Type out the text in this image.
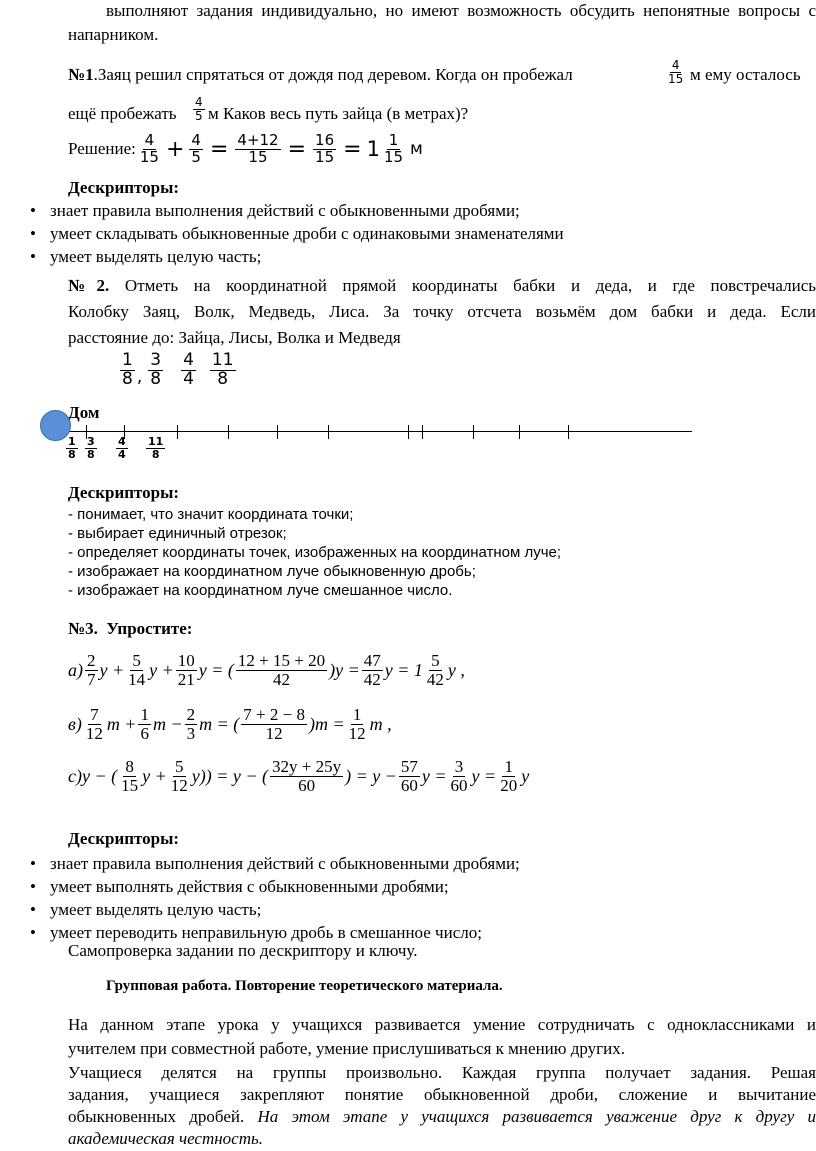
выполняют задания индивидуально, но имеют возможность обсудить непонятные вопросы с
напарником.
№1.Заяц решил спрятаться от дождя под деревом. Когда он пробежал	$\frac{4}{15}$ м ему осталось
ещё пробежать $\frac{4}{5}$ м Каков весь путь зайца (в метрах)?
Решение: 4
$15 + \frac{4}{5} = \frac{4+12}{15} = \frac{16}{15} = 1$ 1
15 м
Дескрипторы:
• знает правила выполнения действий с обыкновенными дробями;
• умеет складывать обыкновенные дроби с одинаковыми знаменателями
• умеет выделять целую часть;
№2. Отметь на координатной прямой координаты бабки и деда, и где повстречались
Колобку Заяц, Волк, Медведь, Лиса. За точку отсчета возьмём дом бабки и деда. Если
расстояние до: Зайца, Лисы, Волка и Медведя
1
8 ,
3
8
4
4
11
8
Дом
$\frac{1}{8} \frac{3}{8} \frac{4}{4} \frac{11}{8}$
Дескрипторы:
- понимает, что значит координата точки;
- выбирает единичный отрезок;
- определяет координаты точек, изображенных на координатном луче;
- изображает на координатном луче обыкновенную дробь;
- изображает на координатном луче смешанное число.
№3. Упростите:
a) 2
7 $y + \frac{5}{14}$ $y + \frac{10}{21}$ y = ( 12 + 15 + 20
42 )$y = \frac{47}{42}$ y = 1 5
42 y ,
в) 7
12 $m + \frac{1}{6}$ $m - \frac{2}{3}$ m = ( 7 + 2 − 8
12 )$m = \frac{1}{12}$ m ,
c) y − ( 8
15 $y + \frac{5}{12} y)) = y$ − ( 32y + 25y
60 ) = $y - \frac{57}{60}$ $y = \frac{3}{60}$ $y = \frac{1}{20}$ y
Дескрипторы:
• знает правила выполнения действий с обыкновенными дробями;
• умеет выполнять действия с обыкновенными дробями;
• умеет выделять целую часть;
• умеет переводить неправильную дробь в смешанное число;
Самопроверка задании по дескриптору и ключу.
Групповая работа. Повторение теоретического материала.
На данном этапе урока у учащихся развивается умение сотрудничать с одноклассниками и
учителем при совместной работе, умение прислушиваться к мнению других.
Учащиеся делятся на группы произвольно. Каждая группа получает задания. Решая
задания, учащиеся закрепляют понятие обыкновенной дроби, сложение и вычитание
обыкновенных дробей. На этом этапе у учащихся развивается уважение друг к другу и
академическая честность.
